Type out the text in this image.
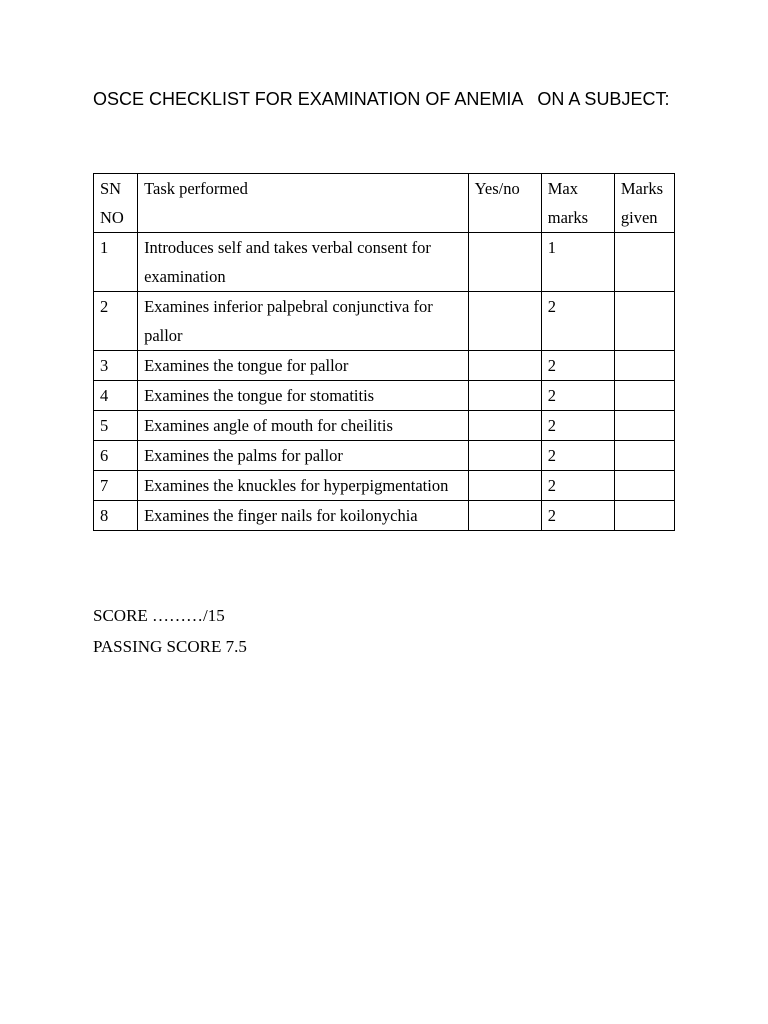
OSCE CHECKLIST FOR EXAMINATION OF ANEMIA   ON A SUBJECT:
SN NO	Task performed	Yes/no	Max marks	Marks given
1	Introduces self and takes verbal consent for examination		1	
2	Examines inferior palpebral conjunctiva for pallor		2	
3	Examines the tongue for pallor		2	
4	Examines the tongue for stomatitis		2	
5	Examines angle of mouth for cheilitis		2	
6	Examines the palms for pallor		2	
7	Examines the knuckles for hyperpigmentation		2	
8	Examines the finger nails for koilonychia		2	
SCORE ………/15
PASSING SCORE 7.5
